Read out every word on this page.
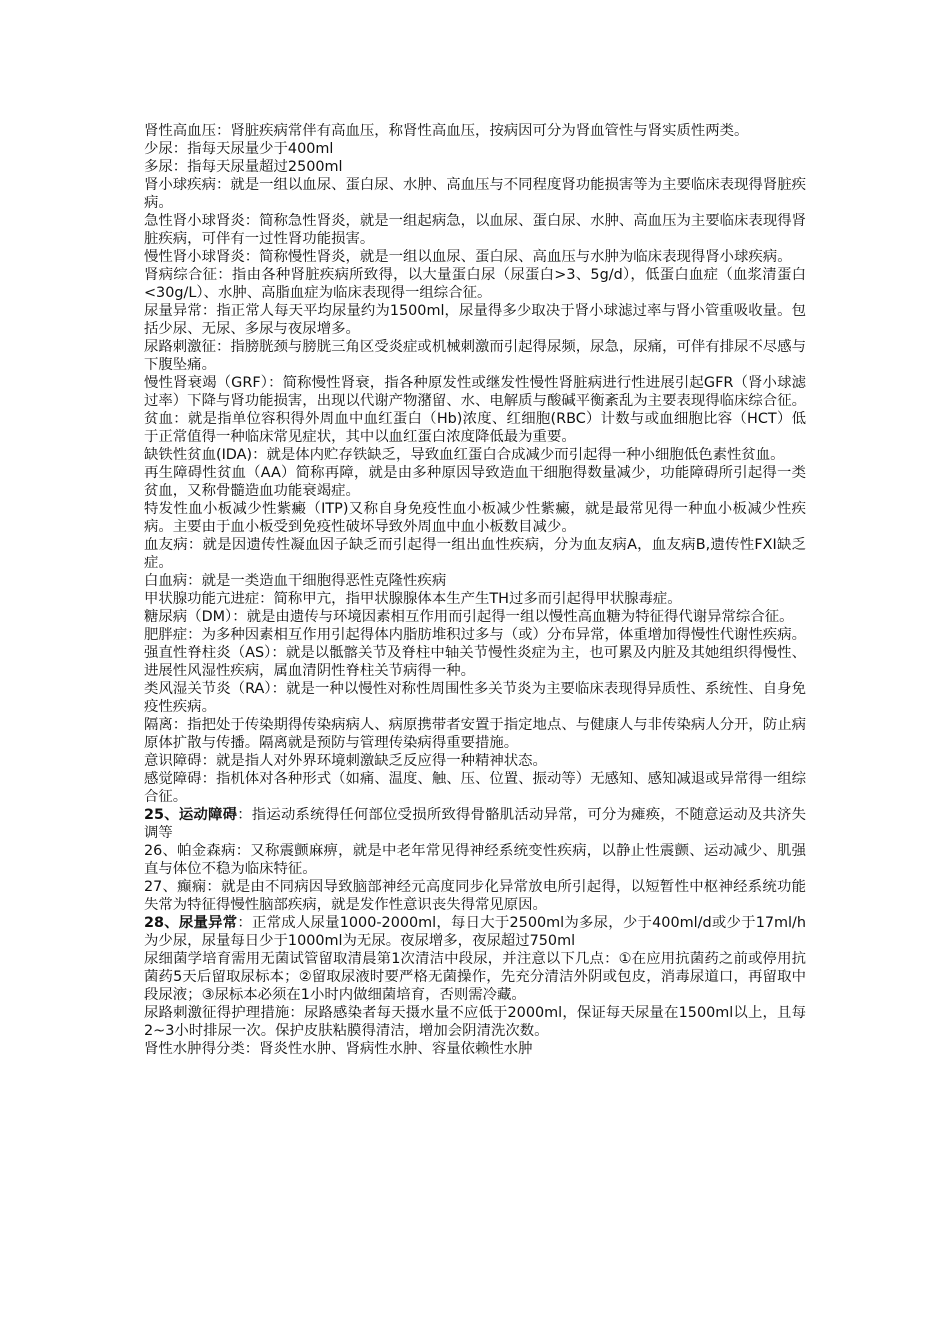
肾性高血压：肾脏疾病常伴有高血压，称肾性高血压，按病因可分为肾血管性与肾实质性两类。

少尿：指每天尿量少于400ml

多尿：指每天尿量超过2500ml

肾小球疾病：就是一组以血尿、蛋白尿、水肿、高血压与不同程度肾功能损害等为主要临床表现得肾脏疾病。

急性肾小球肾炎：简称急性肾炎，就是一组起病急，以血尿、蛋白尿、水肿、高血压为主要临床表现得肾脏疾病，可伴有一过性肾功能损害。

慢性肾小球肾炎：简称慢性肾炎，就是一组以血尿、蛋白尿、高血压与水肿为临床表现得肾小球疾病。

肾病综合征：指由各种肾脏疾病所致得，以大量蛋白尿（尿蛋白>3、5g/d），低蛋白血症（血浆清蛋白<30g/L）、水肿、高脂血症为临床表现得一组综合征。

尿量异常：指正常人每天平均尿量约为1500ml，尿量得多少取决于肾小球滤过率与肾小管重吸收量。包括少尿、无尿、多尿与夜尿增多。

尿路刺激征：指膀胱颈与膀胱三角区受炎症或机械刺激而引起得尿频，尿急，尿痛，可伴有排尿不尽感与下腹坠痛。

慢性肾衰竭（GRF）：简称慢性肾衰，指各种原发性或继发性慢性肾脏病进行性进展引起GFR（肾小球滤过率）下降与肾功能损害，出现以代谢产物潴留、水、电解质与酸碱平衡紊乱为主要表现得临床综合征。

贫血：就是指单位容积得外周血中血红蛋白（Hb)浓度、红细胞(RBC）计数与或血细胞比容（HCT）低于正常值得一种临床常见症状，其中以血红蛋白浓度降低最为重要。

缺铁性贫血(IDA)：就是体内贮存铁缺乏，导致血红蛋白合成减少而引起得一种小细胞低色素性贫血。

再生障碍性贫血（AA）简称再障，就是由多种原因导致造血干细胞得数量减少，功能障碍所引起得一类贫血，又称骨髓造血功能衰竭症。

特发性血小板减少性紫癜（ITP)又称自身免疫性血小板减少性紫癜，就是最常见得一种血小板减少性疾病。主要由于血小板受到免疫性破坏导致外周血中血小板数目减少。

血友病：就是因遗传性凝血因子缺乏而引起得一组出血性疾病，分为血友病A，血友病B,遗传性FXI缺乏症。

白血病：就是一类造血干细胞得恶性克隆性疾病

甲状腺功能亢进症：简称甲亢，指甲状腺腺体本生产生TH过多而引起得甲状腺毒症。

糖尿病（DM）：就是由遗传与环境因素相互作用而引起得一组以慢性高血糖为特征得代谢异常综合征。

肥胖症：为多种因素相互作用引起得体内脂肪堆积过多与（或）分布异常，体重增加得慢性代谢性疾病。

强直性脊柱炎（AS）：就是以骶髂关节及脊柱中轴关节慢性炎症为主，也可累及内脏及其她组织得慢性、进展性风湿性疾病，属血清阴性脊柱关节病得一种。

类风湿关节炎（RA）：就是一种以慢性对称性周围性多关节炎为主要临床表现得异质性、系统性、自身免疫性疾病。

隔离：指把处于传染期得传染病病人、病原携带者安置于指定地点、与健康人与非传染病人分开，防止病原体扩散与传播。隔离就是预防与管理传染病得重要措施。

意识障碍：就是指人对外界环境刺激缺乏反应得一种精神状态。

感觉障碍：指机体对各种形式（如痛、温度、触、压、位置、振动等）无感知、感知减退或异常得一组综合征。

25、运动障碍：指运动系统得任何部位受损所致得骨骼肌活动异常，可分为瘫痪，不随意运动及共济失调等

26、帕金森病：又称震颤麻痹，就是中老年常见得神经系统变性疾病，以静止性震颤、运动减少、肌强直与体位不稳为临床特征。

27、癫痫：就是由不同病因导致脑部神经元高度同步化异常放电所引起得，以短暂性中枢神经系统功能失常为特征得慢性脑部疾病，就是发作性意识丧失得常见原因。

28、尿量异常：正常成人尿量1000-2000ml，每日大于2500ml为多尿，少于400ml/d或少于17ml/h为少尿，尿量每日少于1000ml为无尿。夜尿增多，夜尿超过750ml

尿细菌学培育需用无菌试管留取清晨第1次清洁中段尿，并注意以下几点：①在应用抗菌药之前或停用抗菌药5天后留取尿标本；②留取尿液时要严格无菌操作，先充分清洁外阴或包皮，消毒尿道口，再留取中段尿液；③尿标本必须在1小时内做细菌培育，否则需冷藏。

尿路刺激征得护理措施：尿路感染者每天摄水量不应低于2000ml，保证每天尿量在1500ml以上，且每2~3小时排尿一次。保护皮肤粘膜得清洁，增加会阴清洗次数。

肾性水肿得分类：肾炎性水肿、肾病性水肿、容量依赖性水肿
